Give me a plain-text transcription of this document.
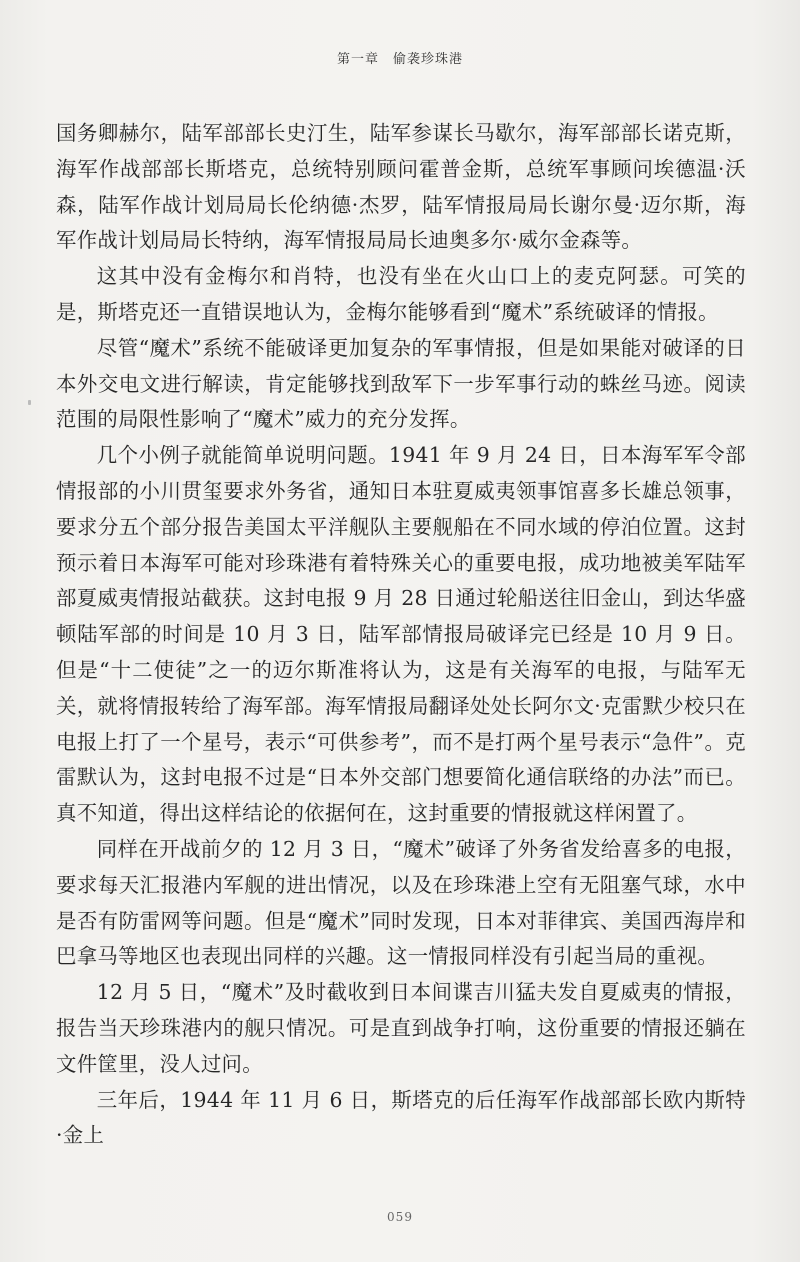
第一章 偷袭珍珠港

国务卿赫尔，陆军部部长史汀生，陆军参谋长马歇尔，海军部部长诺克斯，海军作战部部长斯塔克，总统特别顾问霍普金斯，总统军事顾问埃德温·沃森，陆军作战计划局局长伦纳德·杰罗，陆军情报局局长谢尔曼·迈尔斯，海军作战计划局局长特纳，海军情报局局长迪奥多尔·威尔金森等。

这其中没有金梅尔和肖特，也没有坐在火山口上的麦克阿瑟。可笑的是，斯塔克还一直错误地认为，金梅尔能够看到“魔术”系统破译的情报。

尽管“魔术”系统不能破译更加复杂的军事情报，但是如果能对破译的日本外交电文进行解读，肯定能够找到敌军下一步军事行动的蛛丝马迹。阅读范围的局限性影响了“魔术”威力的充分发挥。

几个小例子就能简单说明问题。1941 年 9 月 24 日，日本海军军令部情报部的小川贯玺要求外务省，通知日本驻夏威夷领事馆喜多长雄总领事，要求分五个部分报告美国太平洋舰队主要舰船在不同水域的停泊位置。这封预示着日本海军可能对珍珠港有着特殊关心的重要电报，成功地被美军陆军部夏威夷情报站截获。这封电报 9 月 28 日通过轮船送往旧金山，到达华盛顿陆军部的时间是 10 月 3 日，陆军部情报局破译完已经是 10 月 9 日。但是“十二使徒”之一的迈尔斯准将认为，这是有关海军的电报，与陆军无关，就将情报转给了海军部。海军情报局翻译处处长阿尔文·克雷默少校只在电报上打了一个星号，表示“可供参考”，而不是打两个星号表示“急件”。克雷默认为，这封电报不过是“日本外交部门想要简化通信联络的办法”而已。真不知道，得出这样结论的依据何在，这封重要的情报就这样闲置了。

同样在开战前夕的 12 月 3 日，“魔术”破译了外务省发给喜多的电报，要求每天汇报港内军舰的进出情况，以及在珍珠港上空有无阻塞气球，水中是否有防雷网等问题。但是“魔术”同时发现，日本对菲律宾、美国西海岸和巴拿马等地区也表现出同样的兴趣。这一情报同样没有引起当局的重视。

12 月 5 日，“魔术”及时截收到日本间谍吉川猛夫发自夏威夷的情报，报告当天珍珠港内的舰只情况。可是直到战争打响，这份重要的情报还躺在文件筐里，没人过问。

三年后，1944 年 11 月 6 日，斯塔克的后任海军作战部部长欧内斯特·金上

059
